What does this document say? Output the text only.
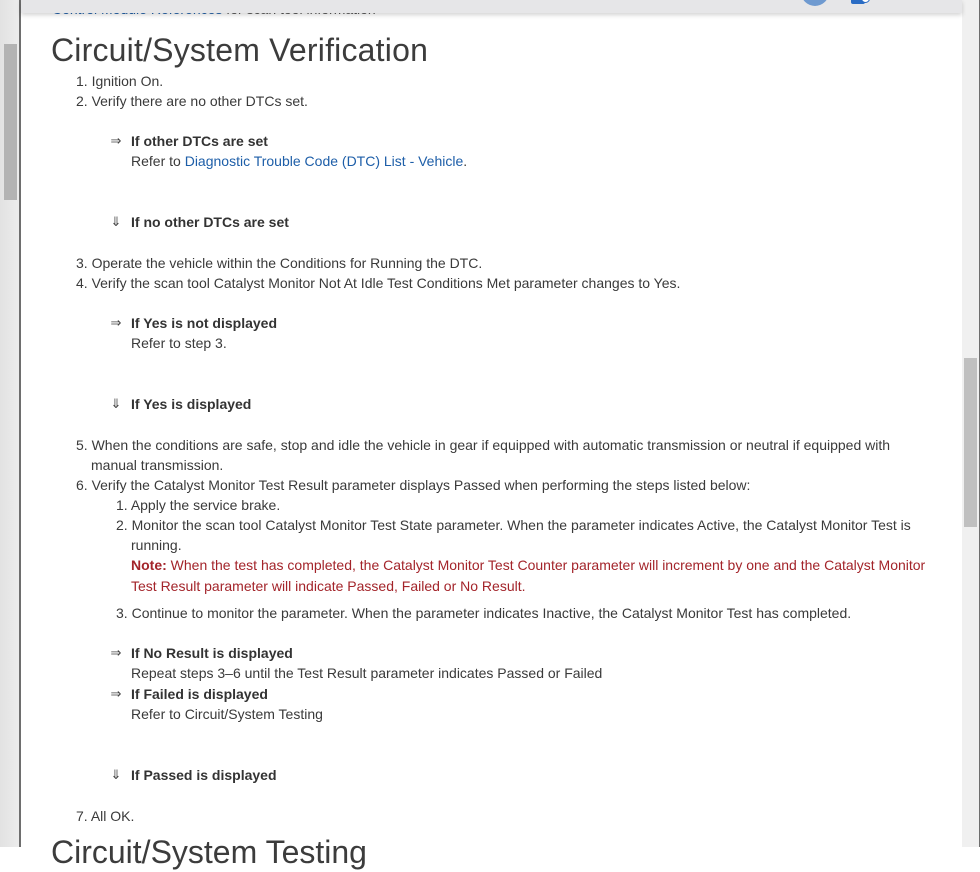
Circuit/System Verification
1. Ignition On.
2. Verify there are no other DTCs set.
⇒ If other DTCs are set
Refer to Diagnostic Trouble Code (DTC) List - Vehicle.
⇓ If no other DTCs are set
3. Operate the vehicle within the Conditions for Running the DTC.
4. Verify the scan tool Catalyst Monitor Not At Idle Test Conditions Met parameter changes to Yes.
⇒ If Yes is not displayed
Refer to step 3.
⇓ If Yes is displayed
5. When the conditions are safe, stop and idle the vehicle in gear if equipped with automatic transmission or neutral if equipped with
manual transmission.
6. Verify the Catalyst Monitor Test Result parameter displays Passed when performing the steps listed below:
1. Apply the service brake.
2. Monitor the scan tool Catalyst Monitor Test State parameter. When the parameter indicates Active, the Catalyst Monitor Test is
running.
Note: When the test has completed, the Catalyst Monitor Test Counter parameter will increment by one and the Catalyst Monitor
Test Result parameter will indicate Passed, Failed or No Result.
3. Continue to monitor the parameter. When the parameter indicates Inactive, the Catalyst Monitor Test has completed.
⇒ If No Result is displayed
Repeat steps 3–6 until the Test Result parameter indicates Passed or Failed
⇒ If Failed is displayed
Refer to Circuit/System Testing
⇓ If Passed is displayed
7. All OK.
Circuit/System Testing
